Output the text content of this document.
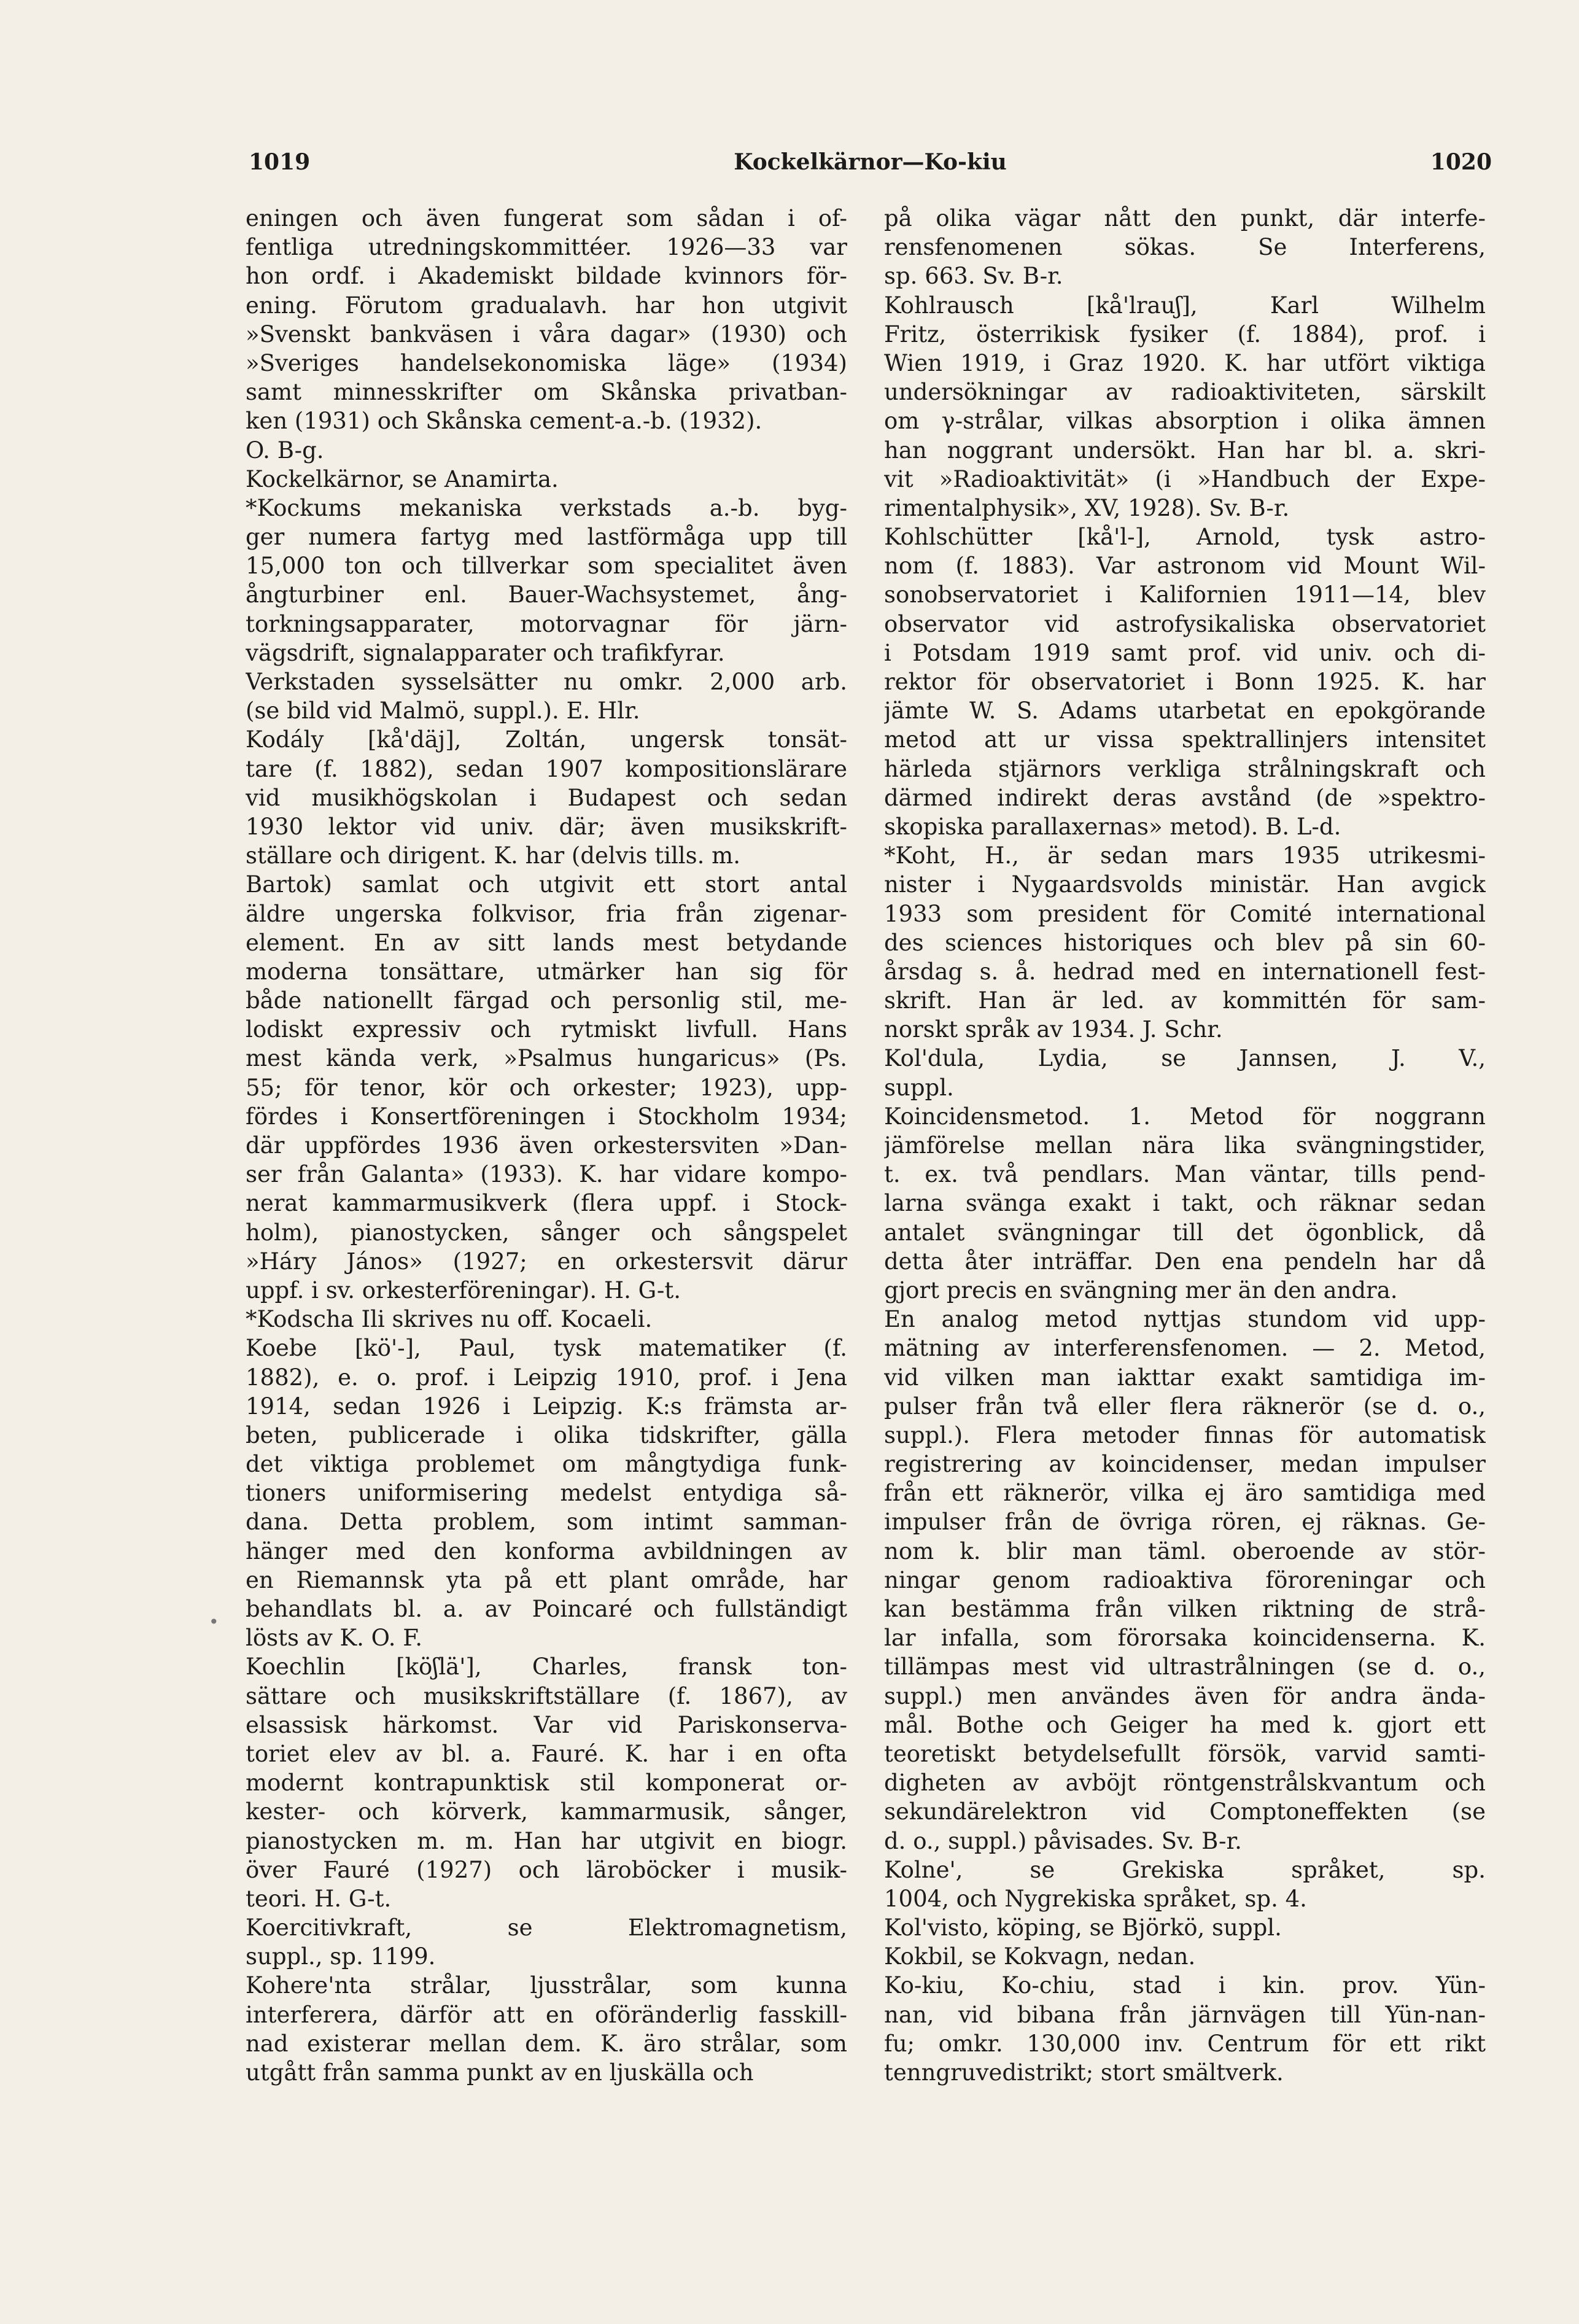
1019	Kockelkärnor—Ko-kiu	1020
eningen och även fungerat som sådan i of-
fentliga utredningskommittéer. 1926—33 var
hon ordf. i Akademiskt bildade kvinnors för-
ening. Förutom gradualavh. har hon utgivit
»Svenskt bankväsen i våra dagar» (1930) och
»Sveriges handelsekonomiska läge» (1934)
samt minnesskrifter om Skånska privatban-
ken (1931) och Skånska cement-a.-b. (1932).
O. B-g.
Kockelkärnor, se Anamirta.
*Kockums mekaniska verkstads a.-b. byg-
ger numera fartyg med lastförmåga upp till
15,000 ton och tillverkar som specialitet även
ångturbiner enl. Bauer-Wachsystemet, ång-
torkningsapparater, motorvagnar för järn-
vägsdrift, signalapparater och trafikfyrar.
Verkstaden sysselsätter nu omkr. 2,000 arb.
(se bild vid Malmö, suppl.). E. Hlr.
Kodály [kå'däj], Zoltán, ungersk tonsät-
tare (f. 1882), sedan 1907 kompositionslärare
vid musikhögskolan i Budapest och sedan
1930 lektor vid univ. där; även musikskrift-
ställare och dirigent. K. har (delvis tills. m.
Bartok) samlat och utgivit ett stort antal
äldre ungerska folkvisor, fria från zigenar-
element. En av sitt lands mest betydande
moderna tonsättare, utmärker han sig för
både nationellt färgad och personlig stil, me-
lodiskt expressiv och rytmiskt livfull. Hans
mest kända verk, »Psalmus hungaricus» (Ps.
55; för tenor, kör och orkester; 1923), upp-
fördes i Konsertföreningen i Stockholm 1934;
där uppfördes 1936 även orkestersviten »Dan-
ser från Galanta» (1933). K. har vidare kompo-
nerat kammarmusikverk (flera uppf. i Stock-
holm), pianostycken, sånger och sångspelet
»Háry János» (1927; en orkestersvit därur
uppf. i sv. orkesterföreningar). H. G-t.
*Kodscha Ili skrives nu off. Kocaeli.
Koebe [kö'-], Paul, tysk matematiker (f.
1882), e. o. prof. i Leipzig 1910, prof. i Jena
1914, sedan 1926 i Leipzig. K:s främsta ar-
beten, publicerade i olika tidskrifter, gälla
det viktiga problemet om mångtydiga funk-
tioners uniformisering medelst entydiga så-
dana. Detta problem, som intimt samman-
hänger med den konforma avbildningen av
en Riemannsk yta på ett plant område, har
behandlats bl. a. av Poincaré och fullständigt
lösts av K. O. F.
Koechlin [köʃlä'], Charles, fransk ton-
sättare och musikskriftställare (f. 1867), av
elsassisk härkomst. Var vid Pariskonserva-
toriet elev av bl. a. Fauré. K. har i en ofta
modernt kontrapunktisk stil komponerat or-
kester- och körverk, kammarmusik, sånger,
pianostycken m. m. Han har utgivit en biogr.
över Fauré (1927) och läroböcker i musik-
teori. H. G-t.
Koercitivkraft, se Elektromagnetism,
suppl., sp. 1199.
Kohere'nta strålar, ljusstrålar, som kunna
interferera, därför att en oföränderlig fasskill-
nad existerar mellan dem. K. äro strålar, som
utgått från samma punkt av en ljuskälla och
på olika vägar nått den punkt, där interfe-
rensfenomenen sökas. Se Interferens,
sp. 663. Sv. B-r.
Kohlrausch [kå'lrauʃ], Karl Wilhelm
Fritz, österrikisk fysiker (f. 1884), prof. i
Wien 1919, i Graz 1920. K. har utfört viktiga
undersökningar av radioaktiviteten, särskilt
om γ-strålar, vilkas absorption i olika ämnen
han noggrant undersökt. Han har bl. a. skri-
vit »Radioaktivität» (i »Handbuch der Expe-
rimentalphysik», XV, 1928). Sv. B-r.
Kohlschütter [kå'l-], Arnold, tysk astro-
nom (f. 1883). Var astronom vid Mount Wil-
sonobservatoriet i Kalifornien 1911—14, blev
observator vid astrofysikaliska observatoriet
i Potsdam 1919 samt prof. vid univ. och di-
rektor för observatoriet i Bonn 1925. K. har
jämte W. S. Adams utarbetat en epokgörande
metod att ur vissa spektrallinjers intensitet
härleda stjärnors verkliga strålningskraft och
därmed indirekt deras avstånd (de »spektro-
skopiska parallaxernas» metod). B. L-d.
*Koht, H., är sedan mars 1935 utrikesmi-
nister i Nygaardsvolds ministär. Han avgick
1933 som president för Comité international
des sciences historiques och blev på sin 60-
årsdag s. å. hedrad med en internationell fest-
skrift. Han är led. av kommittén för sam-
norskt språk av 1934. J. Schr.
Kol'dula, Lydia, se Jannsen, J. V.,
suppl.
Koincidensmetod. 1. Metod för noggrann
jämförelse mellan nära lika svängningstider,
t. ex. två pendlars. Man väntar, tills pend-
larna svänga exakt i takt, och räknar sedan
antalet svängningar till det ögonblick, då
detta åter inträffar. Den ena pendeln har då
gjort precis en svängning mer än den andra.
En analog metod nyttjas stundom vid upp-
mätning av interferensfenomen. — 2. Metod,
vid vilken man iakttar exakt samtidiga im-
pulser från två eller flera räknerör (se d. o.,
suppl.). Flera metoder finnas för automatisk
registrering av koincidenser, medan impulser
från ett räknerör, vilka ej äro samtidiga med
impulser från de övriga rören, ej räknas. Ge-
nom k. blir man täml. oberoende av stör-
ningar genom radioaktiva föroreningar och
kan bestämma från vilken riktning de strå-
lar infalla, som förorsaka koincidenserna. K.
tillämpas mest vid ultrastrålningen (se d. o.,
suppl.) men användes även för andra ända-
mål. Bothe och Geiger ha med k. gjort ett
teoretiskt betydelsefullt försök, varvid samti-
digheten av avböjt röntgenstrålskvantum och
sekundärelektron vid Comptoneffekten (se
d. o., suppl.) påvisades. Sv. B-r.
Kolne', se Grekiska språket, sp.
1004, och Nygrekiska språket, sp. 4.
Kol'visto, köping, se Björkö, suppl.
Kokbil, se Kokvagn, nedan.
Ko-kiu, Ko-chiu, stad i kin. prov. Yün-
nan, vid bibana från järnvägen till Yün-nan-
fu; omkr. 130,000 inv. Centrum för ett rikt
tenngruvedistrikt; stort smältverk.
•
